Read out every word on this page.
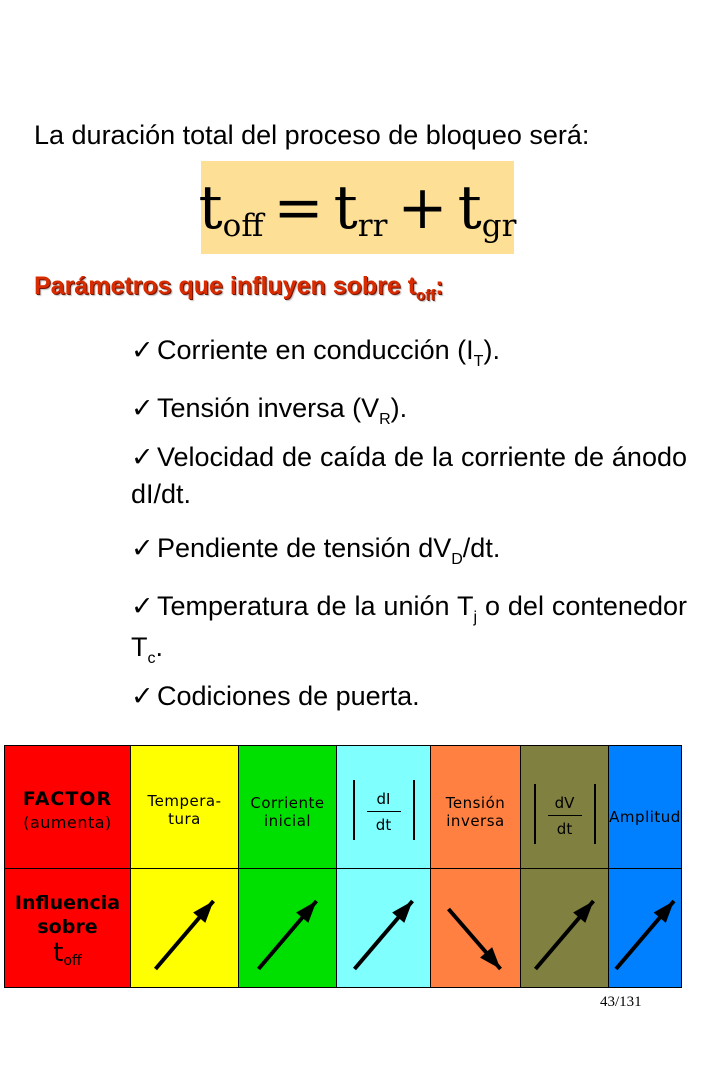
La duración total del proceso de bloqueo será:

t off = t rr + t gr

Parámetros que influyen sobre $t_{off}$:

✓ Corriente en conducción $(I_T)$.
✓ Tensión inversa $(V_R)$.
✓ Velocidad de caída de la corriente de ánodo dI/dt.
✓ Pendiente de tensión $dV_D/dt$.
✓ Temperatura de la unión $T_j$ o del contenedor $T_c$.
✓ Codiciones de puerta.
FACTOR
(aumenta)
Influencia
sobre
$t_{off}$
Tempera-
tura
Corriente
inicial
dI
dt
Tensión
inversa
dV
dt
Amplitud

43/131
